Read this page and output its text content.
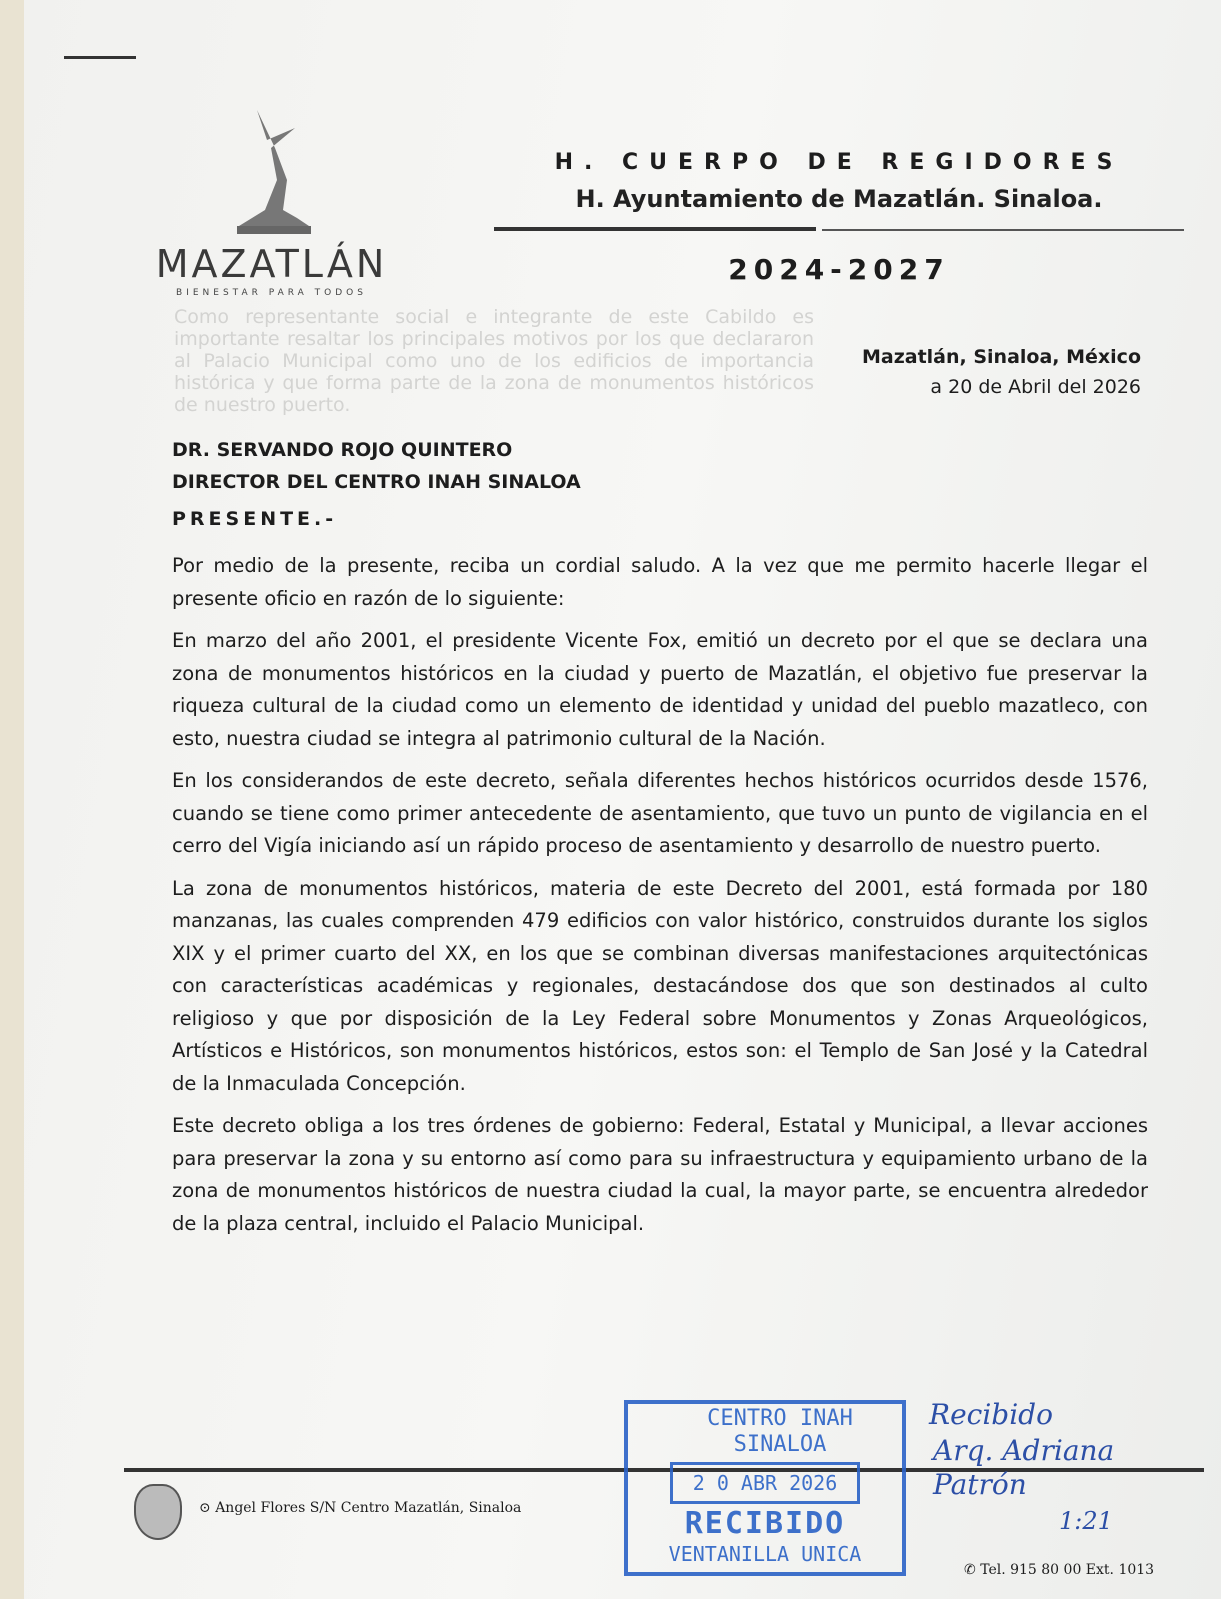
MAZATLÁN
BIENESTAR PARA TODOS
H. CUERPO DE REGIDORES
H. Ayuntamiento de Mazatlán. Sinaloa.
2024-2027
Como representante social e integrante de este Cabildo es importante resaltar los principales motivos por los que declararon al Palacio Municipal como uno de los edificios de importancia histórica y que forma parte de la zona de monumentos históricos de nuestro puerto.
Mazatlán, Sinaloa, México
a 20 de Abril del 2026
DR. SERVANDO ROJO QUINTERO
DIRECTOR DEL CENTRO INAH SINALOA
PRESENTE.-

Por medio de la presente, reciba un cordial saludo. A la vez que me permito hacerle llegar el presente oficio en razón de lo siguiente:

En marzo del año 2001, el presidente Vicente Fox, emitió un decreto por el que se declara una zona de monumentos históricos en la ciudad y puerto de Mazatlán, el objetivo fue preservar la riqueza cultural de la ciudad como un elemento de identidad y unidad del pueblo mazatleco, con esto, nuestra ciudad se integra al patrimonio cultural de la Nación.

En los considerandos de este decreto, señala diferentes hechos históricos ocurridos desde 1576, cuando se tiene como primer antecedente de asentamiento, que tuvo un punto de vigilancia en el cerro del Vigía iniciando así un rápido proceso de asentamiento y desarrollo de nuestro puerto.

La zona de monumentos históricos, materia de este Decreto del 2001, está formada por 180 manzanas, las cuales comprenden 479 edificios con valor histórico, construidos durante los siglos XIX y el primer cuarto del XX, en los que se combinan diversas manifestaciones arquitectónicas con características académicas y regionales, destacándose dos que son destinados al culto religioso y que por disposición de la Ley Federal sobre Monumentos y Zonas Arqueológicos, Artísticos e Históricos, son monumentos históricos, estos son: el Templo de San José y la Catedral de la Inmaculada Concepción.

Este decreto obliga a los tres órdenes de gobierno: Federal, Estatal y Municipal, a llevar acciones para preservar la zona y su entorno así como para su infraestructura y equipamiento urbano de la zona de monumentos históricos de nuestra ciudad la cual, la mayor parte, se encuentra alrededor de la plaza central, incluido el Palacio Municipal.

⊙ Angel Flores S/N Centro Mazatlán, Sinaloa
✆ Tel. 915 80 00 Ext. 1013
CENTRO INAH
SINALOA
2 0 ABR 2026
RECIBIDO
VENTANILLA UNICA
Recibido
Arq. Adriana Patrón
1:21
